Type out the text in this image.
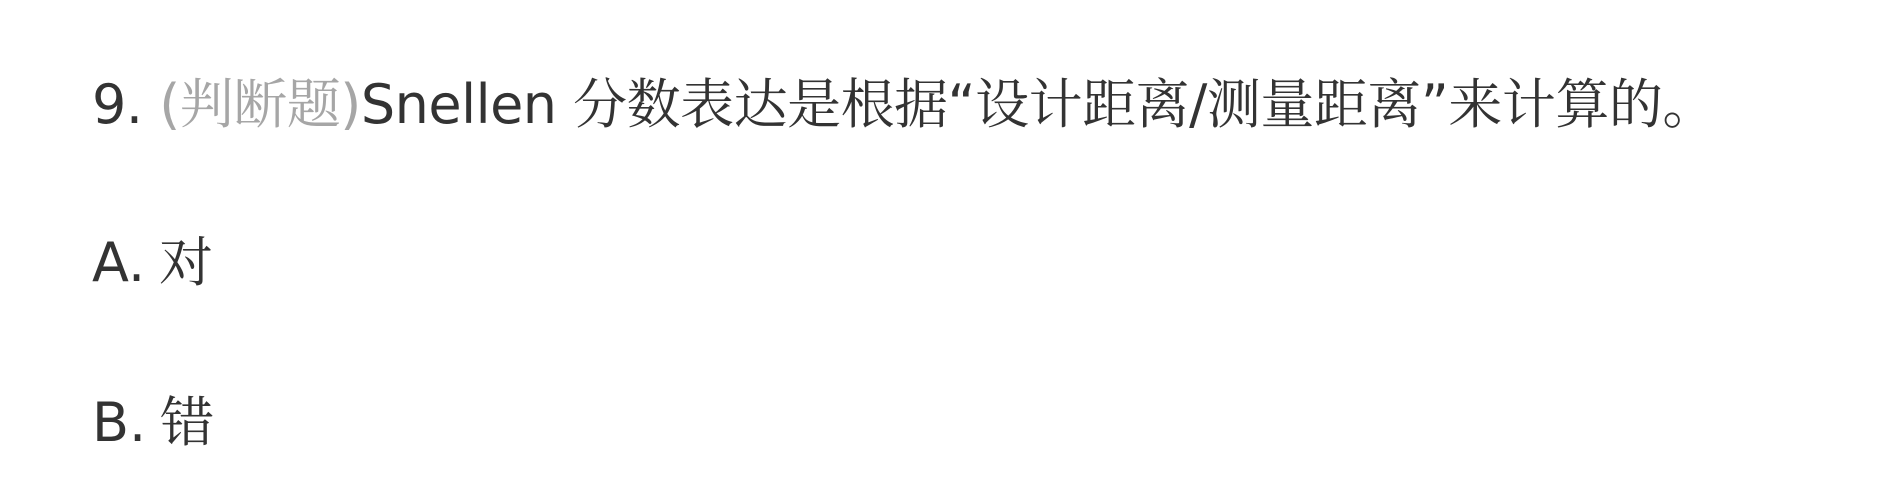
9. (判断题)Snellen 分数表达是根据“设计距离/测量距离”来计算的。
A. 对
B. 错
